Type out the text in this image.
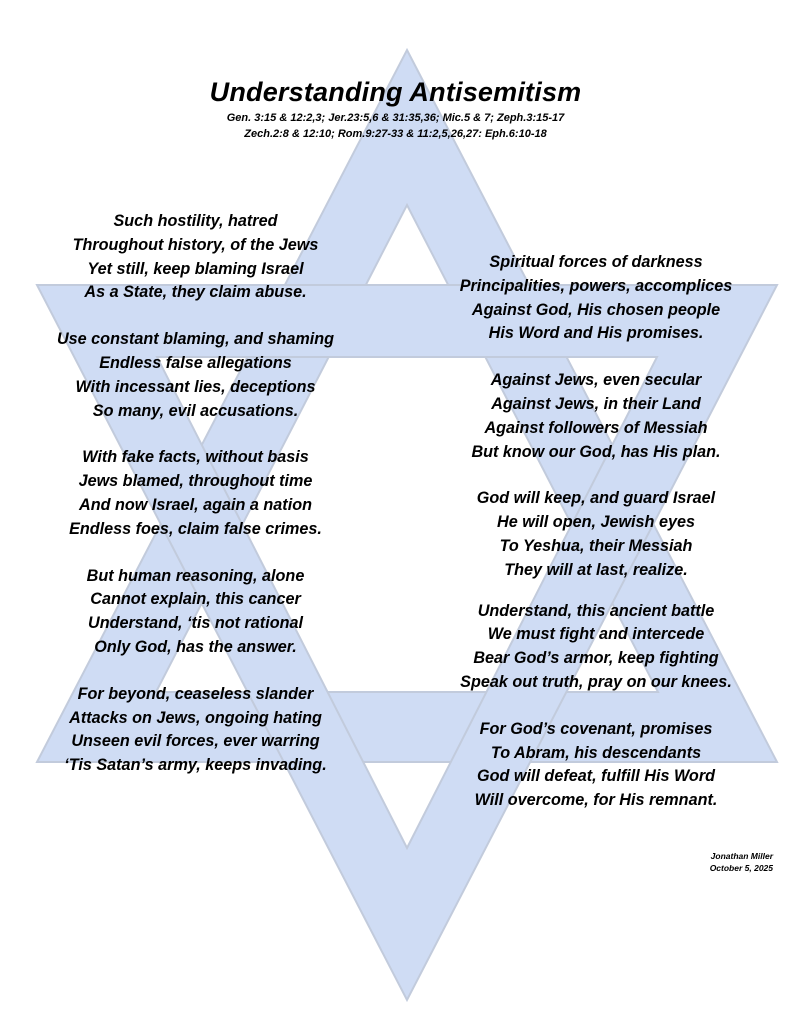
Understanding Antisemitism
Gen. 3:15 & 12:2,3; Jer.23:5,6 & 31:35,36; Mic.5 & 7; Zeph.3:15-17
Zech.2:8 & 12:10; Rom.9:27-33 & 11:2,5,26,27: Eph.6:10-18
Such hostility, hatred
Throughout history, of the Jews
Yet still, keep blaming Israel
As a State, they claim abuse.
Use constant blaming, and shaming
Endless false allegations
With incessant lies, deceptions
So many, evil accusations.
With fake facts, without basis
Jews blamed, throughout time
And now Israel, again a nation
Endless foes, claim false crimes.
But human reasoning, alone
Cannot explain, this cancer
Understand, ‘tis not rational
Only God, has the answer.
For beyond, ceaseless slander
Attacks on Jews, ongoing hating
Unseen evil forces, ever warring
‘Tis Satan’s army, keeps invading.
Spiritual forces of darkness
Principalities, powers, accomplices
Against God, His chosen people
His Word and His promises.
Against Jews, even secular
Against Jews, in their Land
Against followers of Messiah
But know our God, has His plan.
God will keep, and guard Israel
He will open, Jewish eyes
To Yeshua, their Messiah
They will at last, realize.
Understand, this ancient battle
We must fight and intercede
Bear God’s armor, keep fighting
Speak out truth, pray on our knees.
For God’s covenant, promises
To Abram, his descendants
God will defeat, fulfill His Word
Will overcome, for His remnant.
Jonathan Miller
October 5, 2025
